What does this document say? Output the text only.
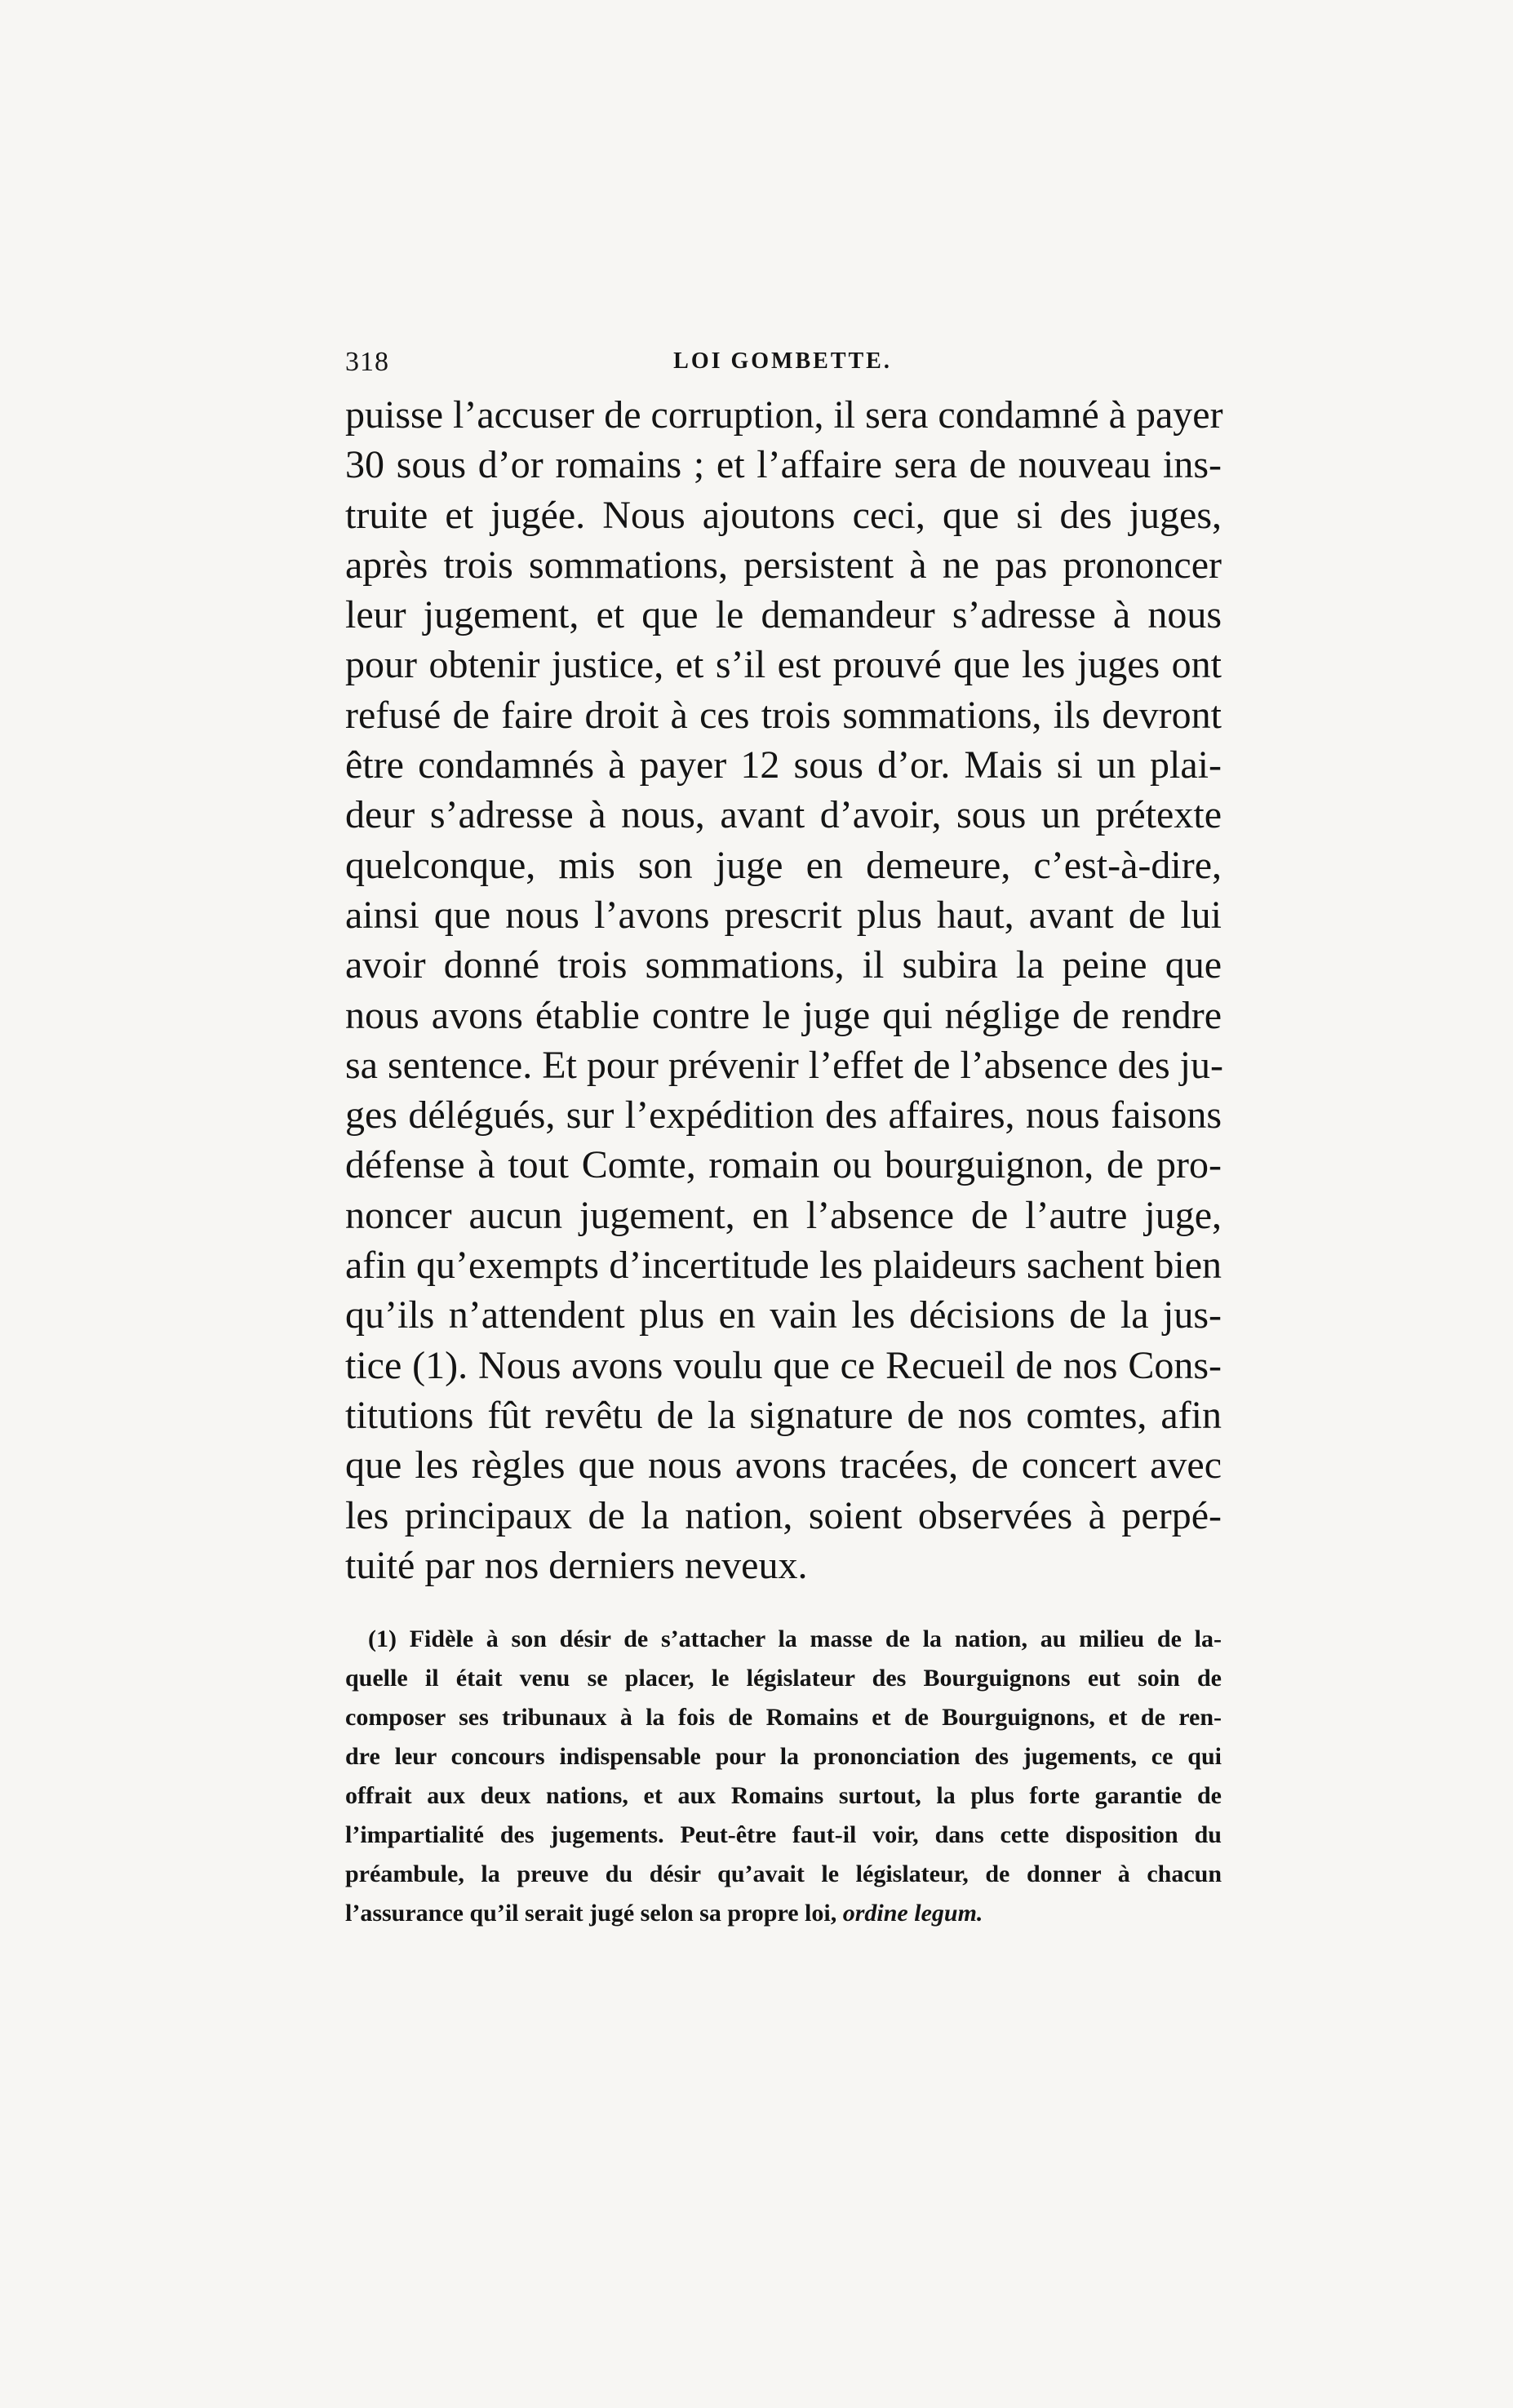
318	LOI GOMBETTE.
puisse l’accuser de corruption, il sera condamné à payer
30 sous d’or romains ; et l’affaire sera de nouveau ins-
truite et jugée. Nous ajoutons ceci, que si des juges,
après trois sommations, persistent à ne pas prononcer
leur jugement, et que le demandeur s’adresse à nous
pour obtenir justice, et s’il est prouvé que les juges ont
refusé de faire droit à ces trois sommations, ils devront
être condamnés à payer 12 sous d’or. Mais si un plai-
deur s’adresse à nous, avant d’avoir, sous un prétexte
quelconque, mis son juge en demeure, c’est-à-dire,
ainsi que nous l’avons prescrit plus haut, avant de lui
avoir donné trois sommations, il subira la peine que
nous avons établie contre le juge qui néglige de rendre
sa sentence. Et pour prévenir l’effet de l’absence des ju-
ges délégués, sur l’expédition des affaires, nous faisons
défense à tout Comte, romain ou bourguignon, de pro-
noncer aucun jugement, en l’absence de l’autre juge,
afin qu’exempts d’incertitude les plaideurs sachent bien
qu’ils n’attendent plus en vain les décisions de la jus-
tice (1). Nous avons voulu que ce Recueil de nos Cons-
titutions fût revêtu de la signature de nos comtes, afin
que les règles que nous avons tracées, de concert avec
les principaux de la nation, soient observées à perpé-
tuité par nos derniers neveux.
(1) Fidèle à son désir de s’attacher la masse de la nation, au milieu de la-
quelle il était venu se placer, le législateur des Bourguignons eut soin de
composer ses tribunaux à la fois de Romains et de Bourguignons, et de ren-
dre leur concours indispensable pour la prononciation des jugements, ce qui
offrait aux deux nations, et aux Romains surtout, la plus forte garantie de
l’impartialité des jugements. Peut-être faut-il voir, dans cette disposition du
préambule, la preuve du désir qu’avait le législateur, de donner à chacun
l’assurance qu’il serait jugé selon sa propre loi, ordine legum.
